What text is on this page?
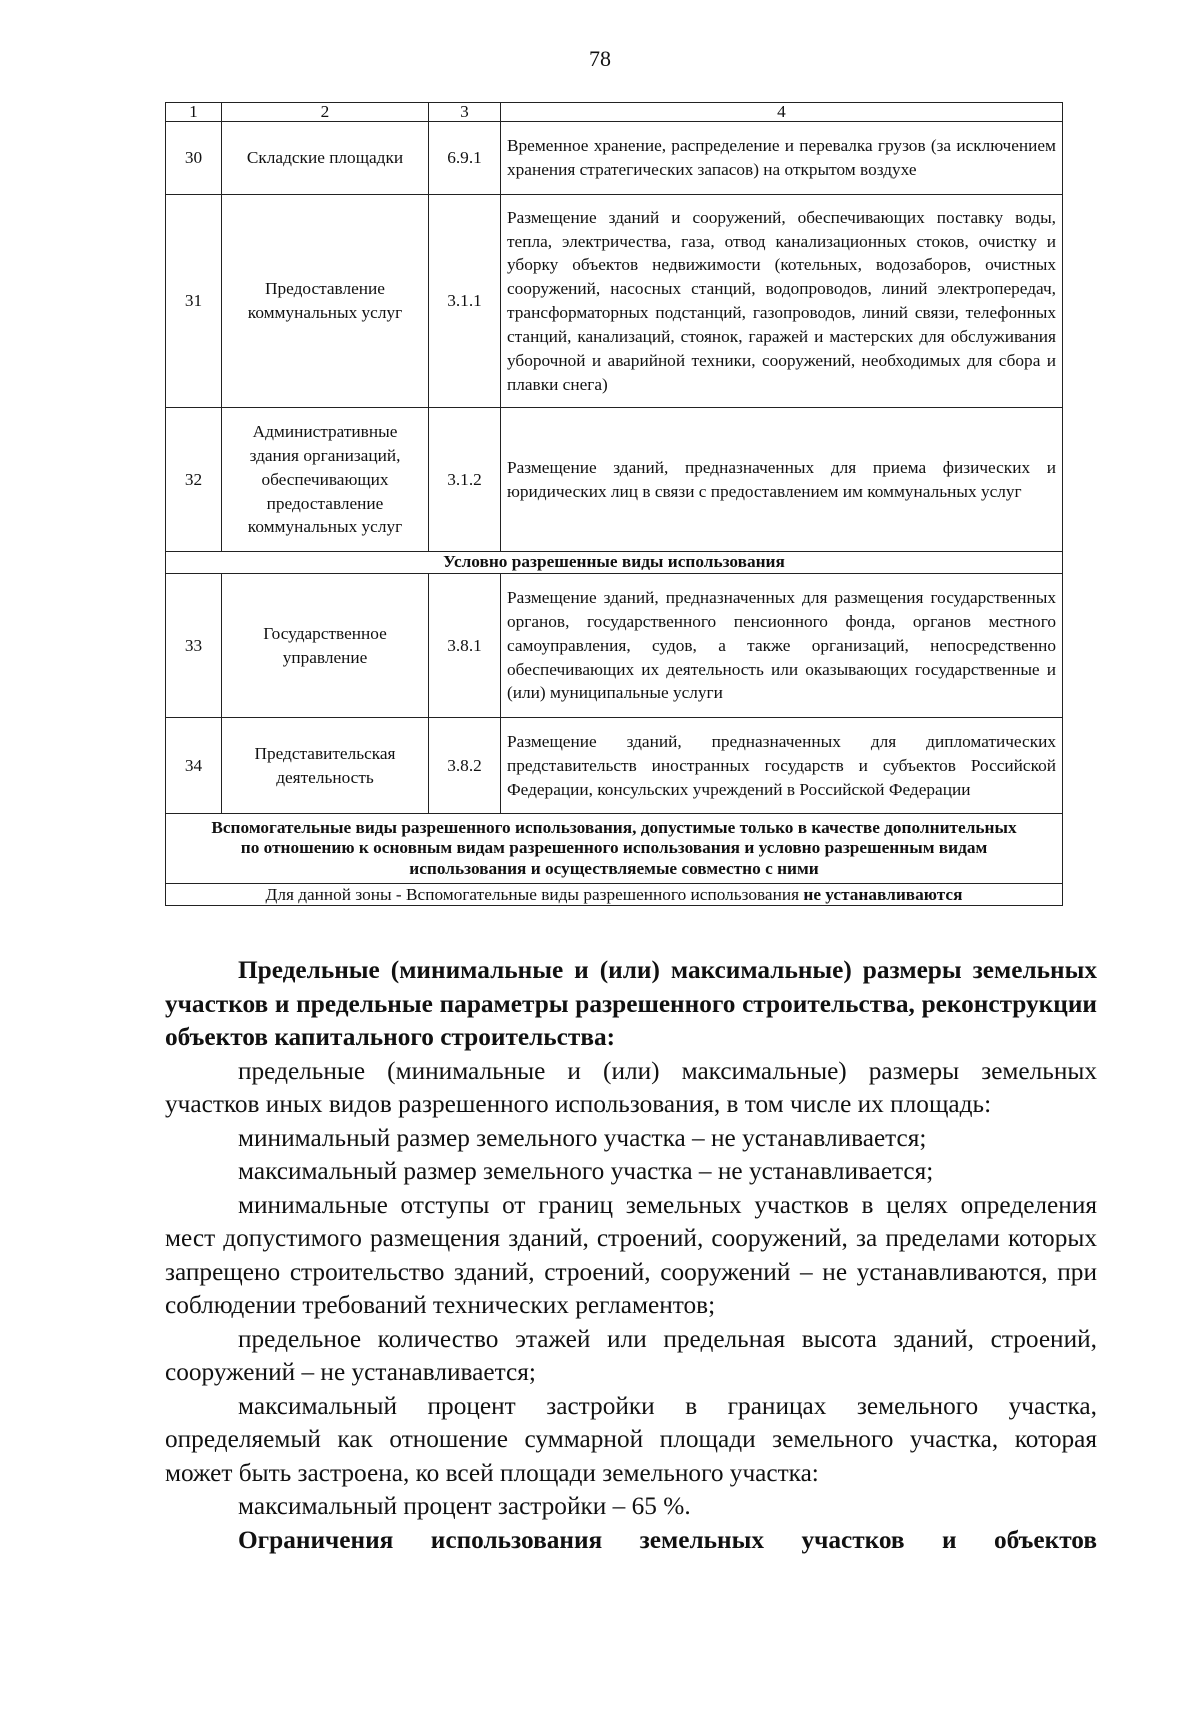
78
1	2	3	4
30	Складские площадки	6.9.1	Временное хранение, распределение и перевалка грузов (за исключением хранения стратегических запасов) на открытом воздухе
31	Предоставление коммунальных услуг	3.1.1	Размещение зданий и сооружений, обеспечивающих поставку воды, тепла, электричества, газа, отвод канализационных стоков, очистку и уборку объектов недвижимости (котельных, водозаборов, очистных сооружений, насосных станций, водопроводов, линий электропередач, трансформаторных подстанций, газопроводов, линий связи, телефонных станций, канализаций, стоянок, гаражей и мастерских для обслуживания уборочной и аварийной техники, сооружений, необходимых для сбора и плавки снега)
32	Административные здания организаций, обеспечивающих предоставление коммунальных услуг	3.1.2	Размещение зданий, предназначенных для приема физических и юридических лиц в связи с предоставлением им коммунальных услуг
Условно разрешенные виды использования			
33	Государственное управление	3.8.1	Размещение зданий, предназначенных для размещения государственных органов, государственного пенсионного фонда, органов местного самоуправления, судов, а также организаций, непосредственно обеспечивающих их деятельность или оказывающих государственные и (или) муниципальные услуги
34	Представительская деятельность	3.8.2	Размещение зданий, предназначенных для дипломатических представительств иностранных государств и субъектов Российской Федерации, консульских учреждений в Российской Федерации
Вспомогательные виды разрешенного использования, допустимые только в качестве дополнительных по отношению к основным видам разрешенного использования и условно разрешенным видам использования и осуществляемые совместно с ними			
Для данной зоны - Вспомогательные виды разрешенного использования не устанавливаются			

Предельные (минимальные и (или) максимальные) размеры земельных участков и предельные параметры разрешенного строительства, реконструкции объектов капитального строительства:

предельные (минимальные и (или) максимальные) размеры земельных участков иных видов разрешенного использования, в том числе их площадь:

минимальный размер земельного участка – не устанавливается;

максимальный размер земельного участка – не устанавливается;

минимальные отступы от границ земельных участков в целях определения мест допустимого размещения зданий, строений, сооружений, за пределами которых запрещено строительство зданий, строений, сооружений – не устанавливаются, при соблюдении требований технических регламентов;

предельное количество этажей или предельная высота зданий, строений, сооружений – не устанавливается;

максимальный процент застройки в границах земельного участка, определяемый как отношение суммарной площади земельного участка, которая может быть застроена, ко всей площади земельного участка:

максимальный процент застройки – 65 %.

Ограничения использования земельных участков и объектов
